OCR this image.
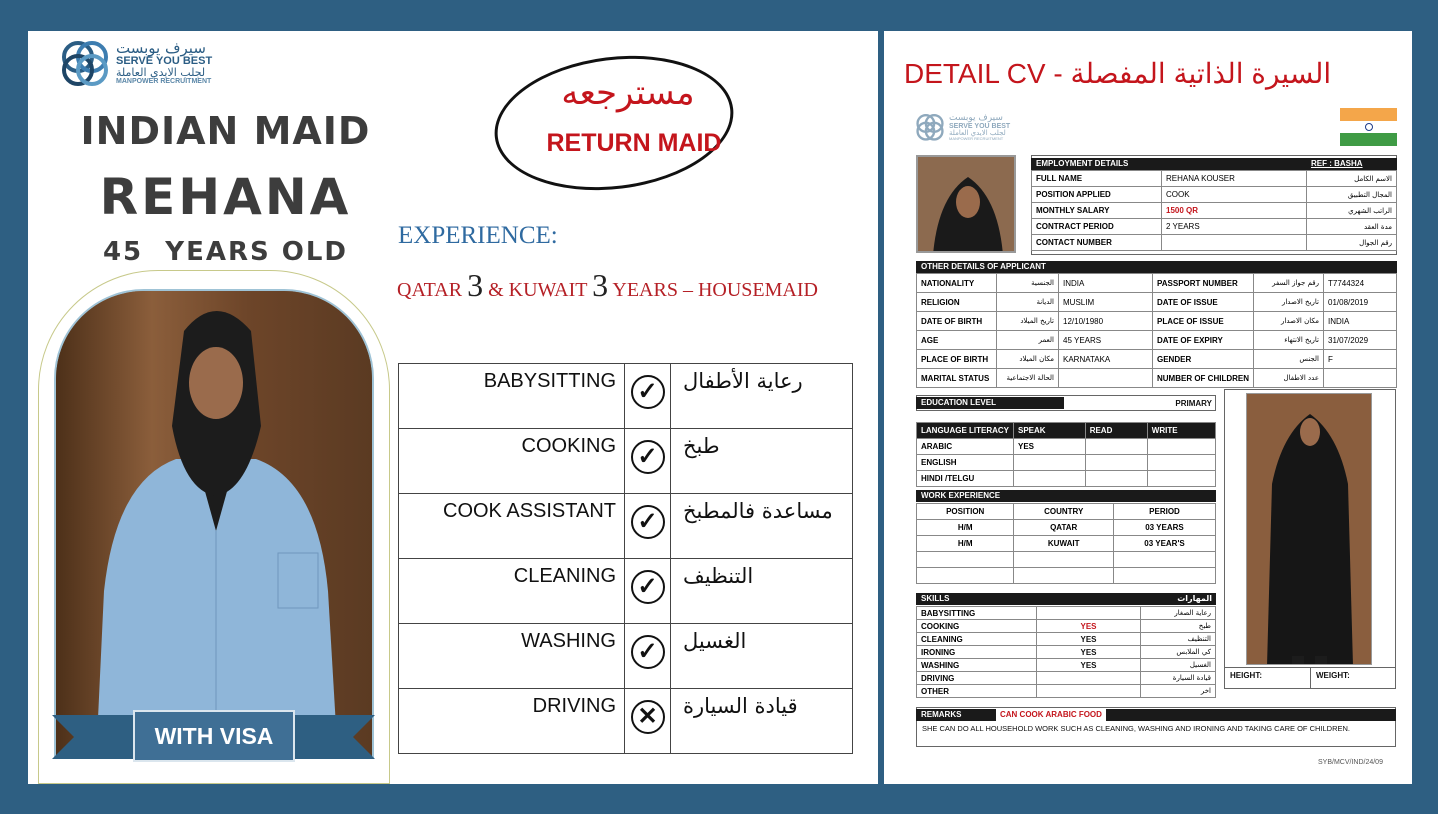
سيرف يوبست
SERVE YOU BEST
لجلب الايدي العاملة
MANPOWER RECRUITMENT
INDIAN MAID
REHANA
45  YEARS OLD
WITH VISA
مسترجعه
RETURN MAID
EXPERIENCE:
QATAR 3 & KUWAIT 3 YEARS – HOUSEMAID
BABYSITTING	✓	رعاية الأطفال
COOKING	✓	طبخ
COOK ASSISTANT	✓	مساعدة فالمطبخ
CLEANING	✓	التنظيف
WASHING	✓	الغسيل
DRIVING	✕	قيادة السيارة
DETAIL CV - السيرة الذاتية المفصلة
سيرف يوبست
SERVE YOU BEST
لجلب الايدي العاملة
MANPOWER RECRUITMENT
EMPLOYMENT DETAILS	REF : BASHA
FULL NAME	REHANA KOUSER	الاسم الكامل
POSITION APPLIED	COOK	المجال التطبيق
MONTHLY SALARY	1500 QR	الراتب الشهري
CONTRACT PERIOD	2 YEARS	مدة العقد
CONTACT NUMBER		رقم الجوال
OTHER DETAILS OF APPLICANT
NATIONALITY	الجنسية	INDIA	PASSPORT NUMBER	رقم جواز السفر	T7744324
RELIGION	الديانة	MUSLIM	DATE OF ISSUE	تاريخ الاصدار	01/08/2019
DATE OF BIRTH	تاريخ الميلاد	12/10/1980	PLACE OF ISSUE	مكان الاصدار	INDIA
AGE	العمر	45 YEARS	DATE OF EXPIRY	تاريخ الانتهاء	31/07/2029
PLACE OF BIRTH	مكان الميلاد	KARNATAKA	GENDER	الجنس	F
MARITAL STATUS	الحالة الاجتماعية		NUMBER OF CHILDREN	عدد الاطفال	
EDUCATION LEVEL	PRIMARY
LANGUAGE LITERACY	SPEAK	READ	WRITE
ARABIC	YES		
ENGLISH			
HINDI /TELGU			
WORK EXPERIENCE
POSITION	COUNTRY	PERIOD
H/M	QATAR	03 YEARS
H/M	KUWAIT	03 YEAR'S

SKILLS	المهارات
BABYSITTING		رعاية الصغار
COOKING	YES	طبخ
CLEANING	YES	التنظيف
IRONING	YES	كي الملابس
WASHING	YES	الغسيل
DRIVING		قيادة السيارة
OTHER		اخر
HEIGHT:	WEIGHT:
REMARKS	CAN COOK ARABIC FOOD
SHE CAN DO ALL HOUSEHOLD WORK SUCH AS CLEANING, WASHING AND IRONING AND TAKING CARE OF CHILDREN.
SYB/MCV/IND/24/09
